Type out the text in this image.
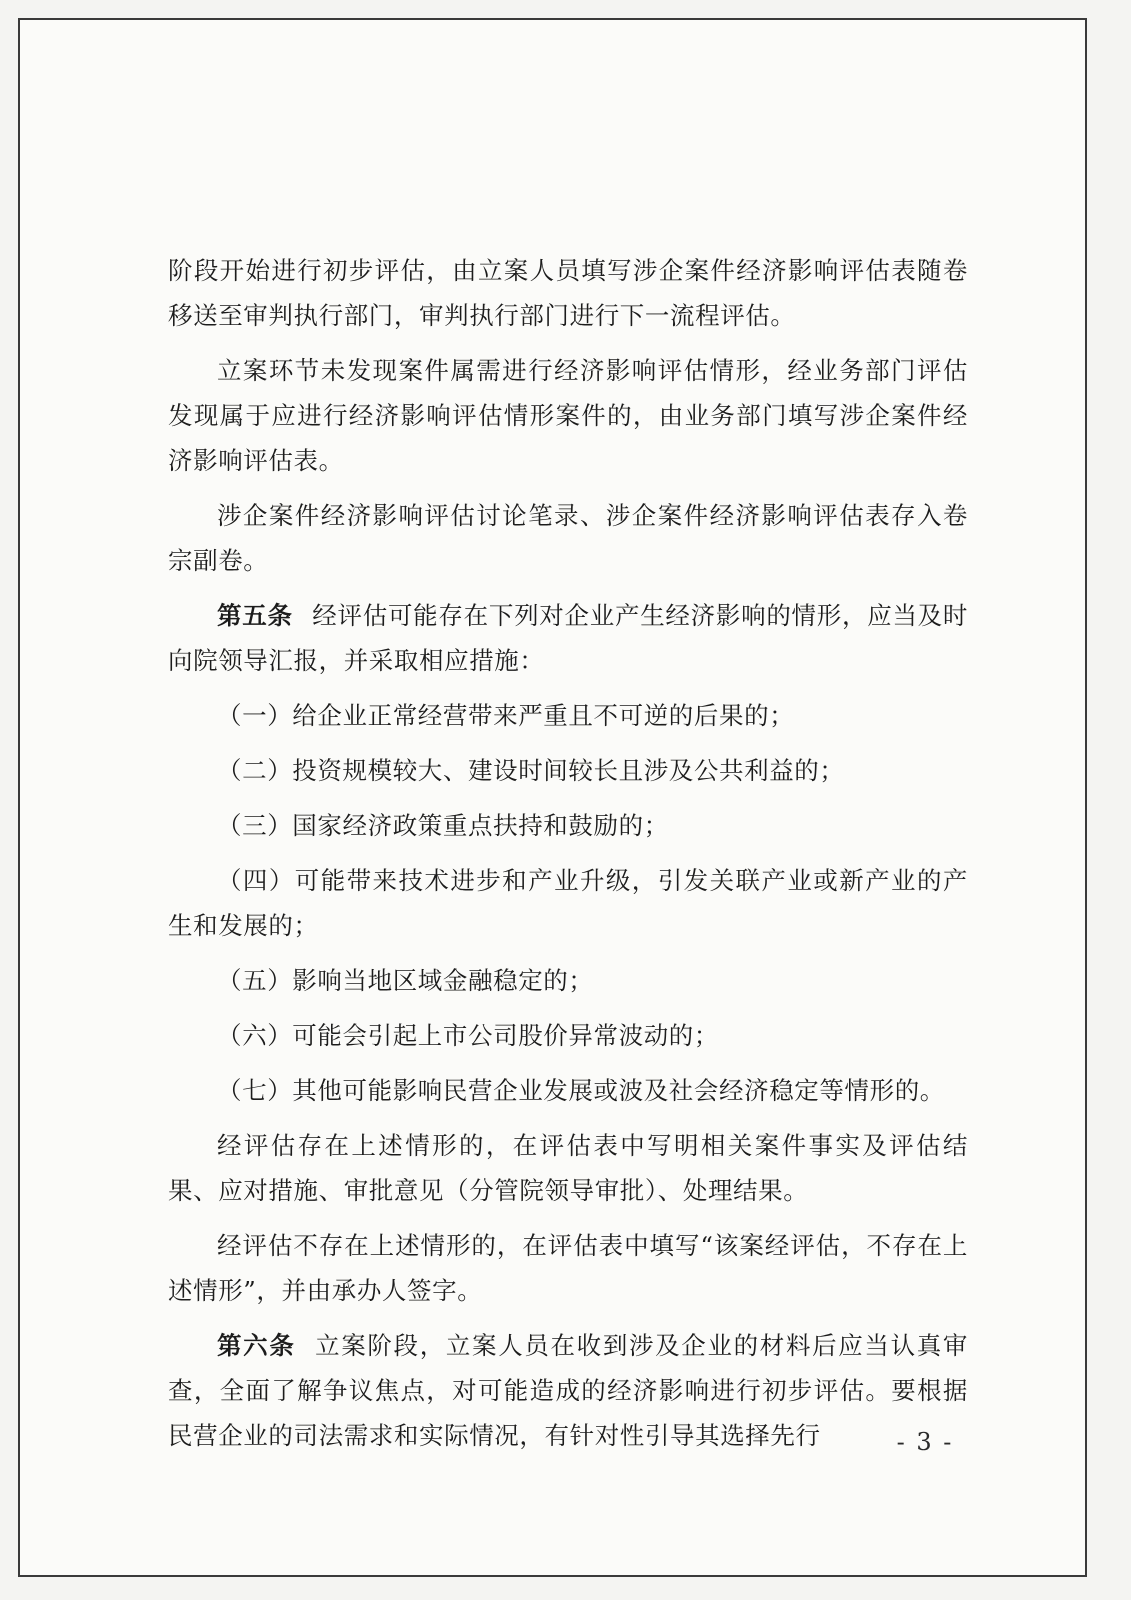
阶段开始进行初步评估，由立案人员填写涉企案件经济影响评估表随卷移送至审判执行部门，审判执行部门进行下一流程评估。

立案环节未发现案件属需进行经济影响评估情形，经业务部门评估发现属于应进行经济影响评估情形案件的，由业务部门填写涉企案件经济影响评估表。

涉企案件经济影响评估讨论笔录、涉企案件经济影响评估表存入卷宗副卷。

第五条 经评估可能存在下列对企业产生经济影响的情形，应当及时向院领导汇报，并采取相应措施：

（一）给企业正常经营带来严重且不可逆的后果的；

（二）投资规模较大、建设时间较长且涉及公共利益的；

（三）国家经济政策重点扶持和鼓励的；

（四）可能带来技术进步和产业升级，引发关联产业或新产业的产生和发展的；

（五）影响当地区域金融稳定的；

（六）可能会引起上市公司股价异常波动的；

（七）其他可能影响民营企业发展或波及社会经济稳定等情形的。

经评估存在上述情形的，在评估表中写明相关案件事实及评估结果、应对措施、审批意见（分管院领导审批）、处理结果。

经评估不存在上述情形的，在评估表中填写“该案经评估，不存在上述情形”，并由承办人签字。

第六条 立案阶段，立案人员在收到涉及企业的材料后应当认真审查，全面了解争议焦点，对可能造成的经济影响进行初步评估。要根据民营企业的司法需求和实际情况，有针对性引导其选择先行	- 3 -
